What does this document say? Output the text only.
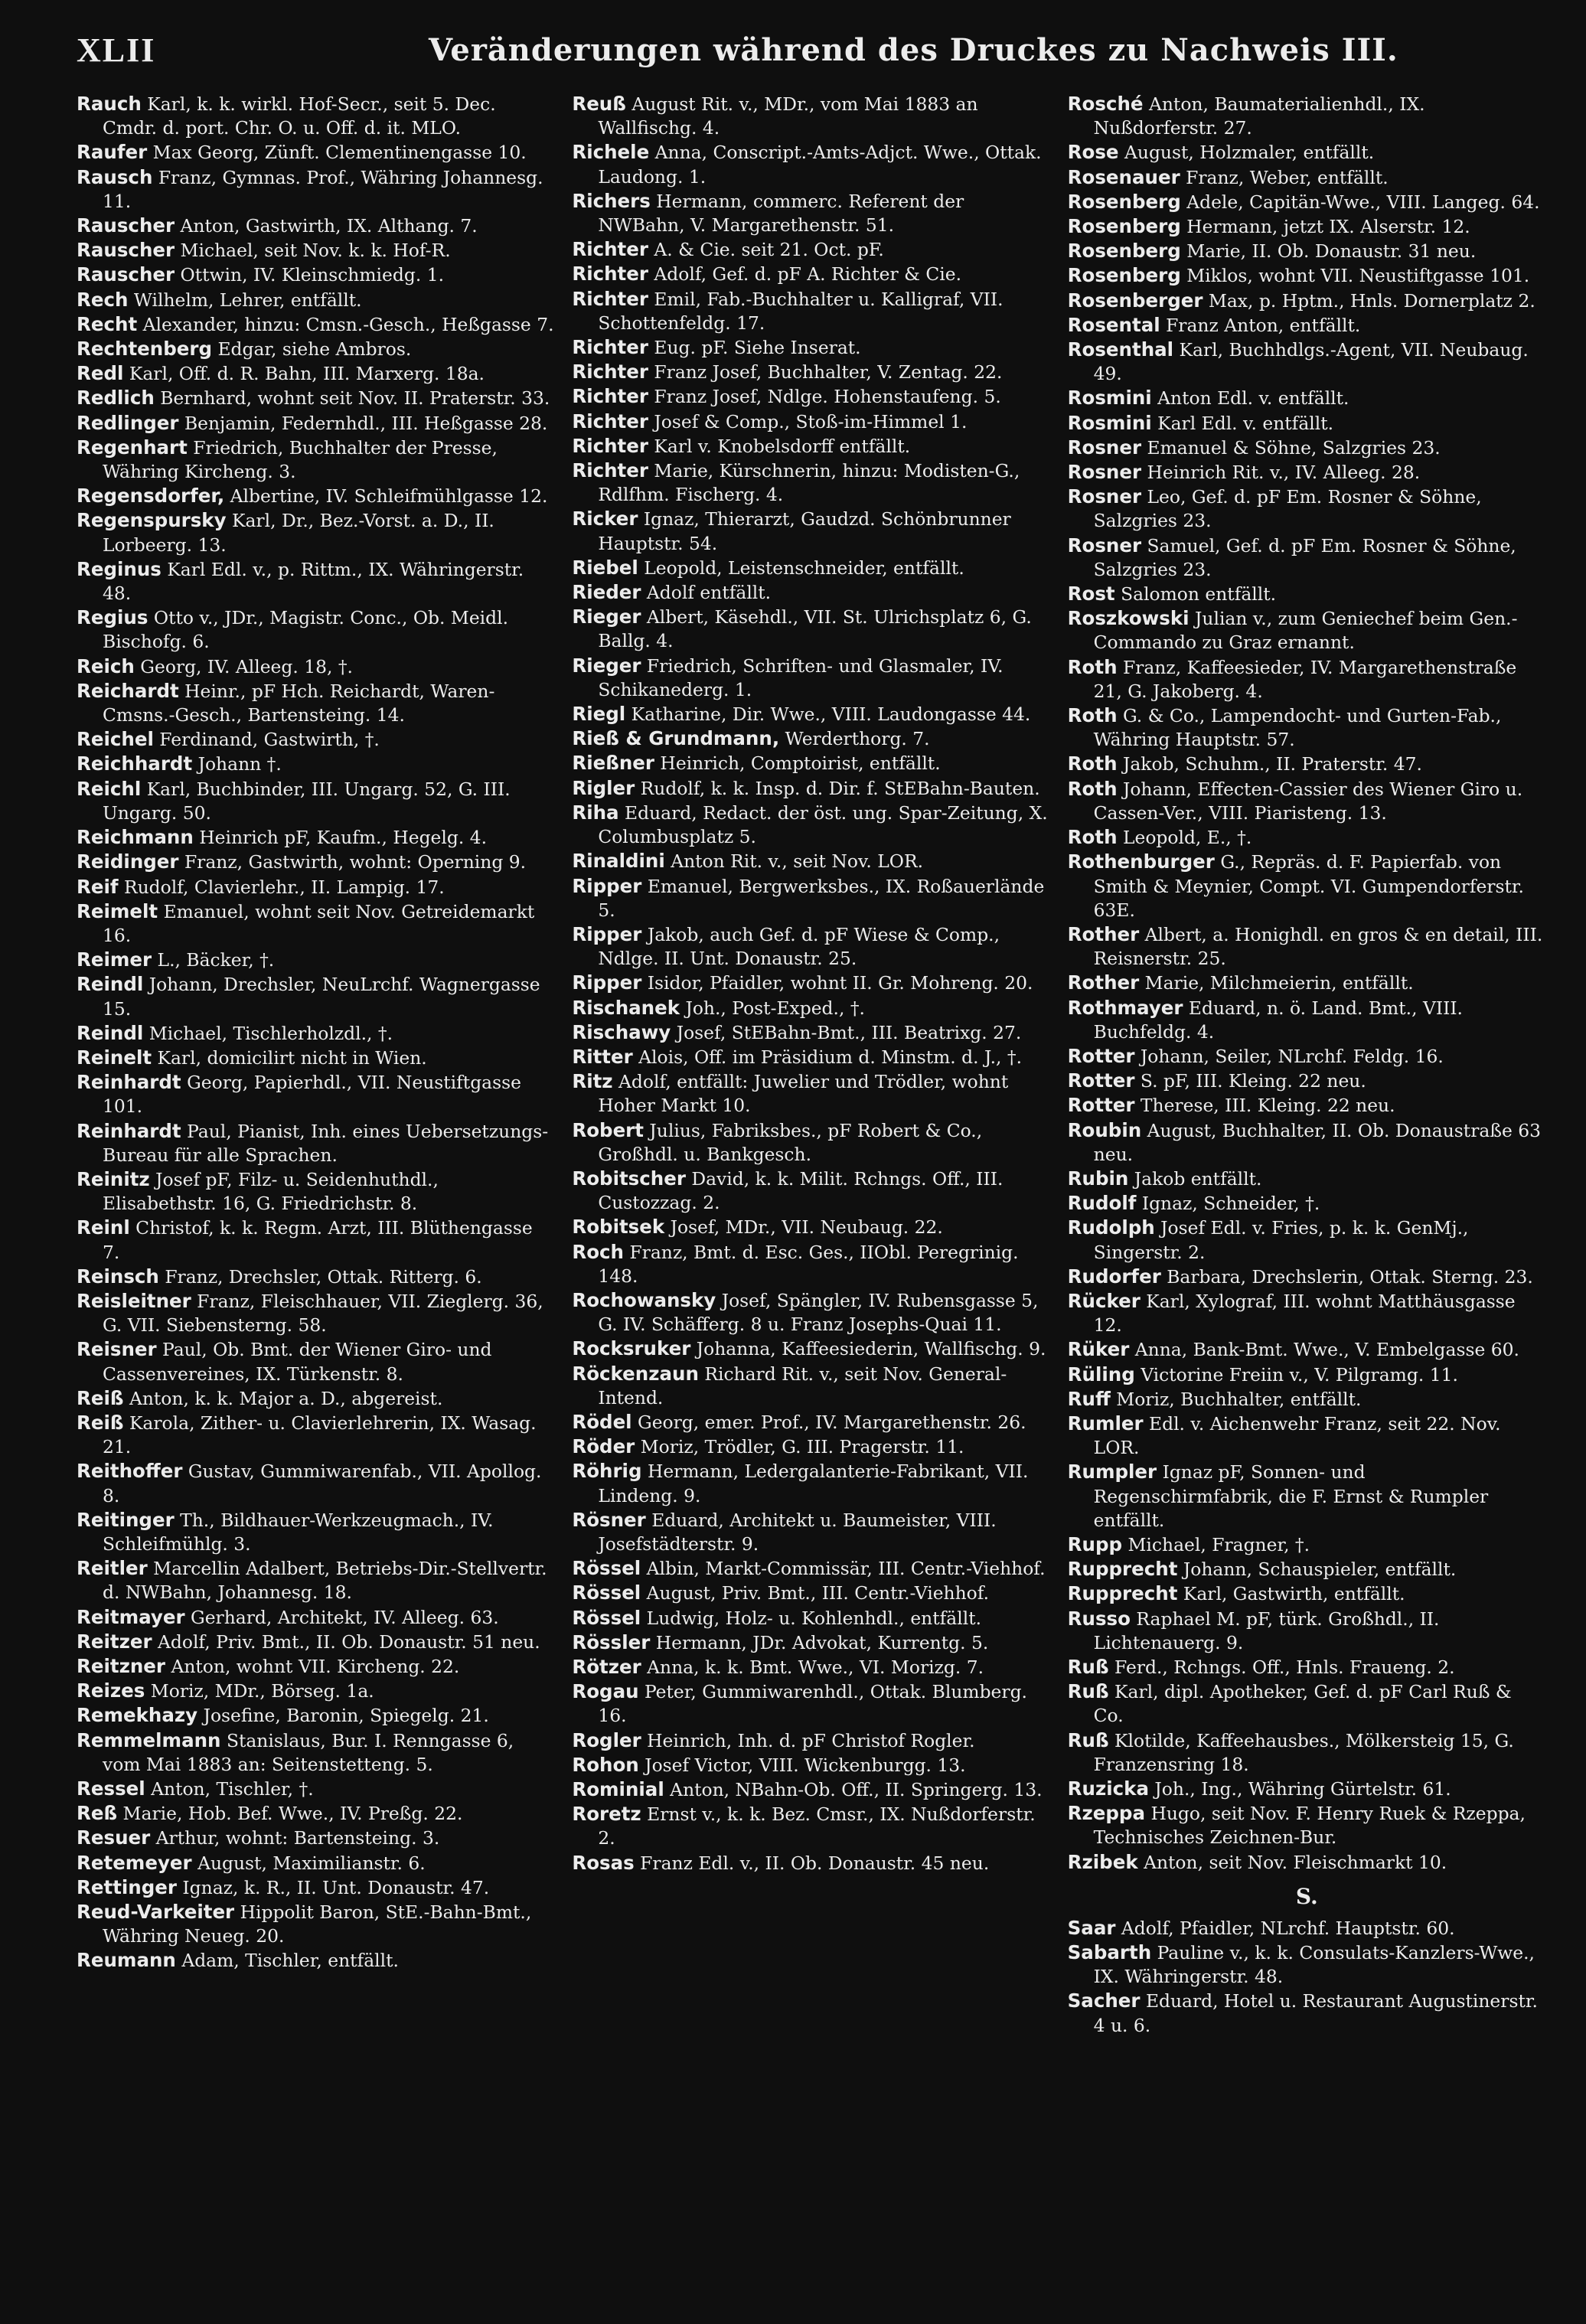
XLII	Veränderungen während des Druckes zu Nachweis III.

Rauch Karl, k. k. wirkl. Hof-Secr., seit 5. Dec. Cmdr. d. port. Chr. O. u. Off. d. it. MLO.

Raufer Max Georg, Zünft. Clementinengasse 10.

Rausch Franz, Gymnas. Prof., Währing Johannesg. 11.

Rauscher Anton, Gastwirth, IX. Althang. 7.

Rauscher Michael, seit Nov. k. k. Hof-R.

Rauscher Ottwin, IV. Kleinschmiedg. 1.

Rech Wilhelm, Lehrer, entfällt.

Recht Alexander, hinzu: Cmsn.-Gesch., Heßgasse 7.

Rechtenberg Edgar, siehe Ambros.

Redl Karl, Off. d. R. Bahn, III. Marxerg. 18a.

Redlich Bernhard, wohnt seit Nov. II. Praterstr. 33.

Redlinger Benjamin, Federnhdl., III. Heßgasse 28.

Regenhart Friedrich, Buchhalter der Presse, Währing Kircheng. 3.

Regensdorfer, Albertine, IV. Schleifmühlgasse 12.

Regenspursky Karl, Dr., Bez.-Vorst. a. D., II. Lorbeerg. 13.

Reginus Karl Edl. v., p. Rittm., IX. Währingerstr. 48.

Regius Otto v., JDr., Magistr. Conc., Ob. Meidl. Bischofg. 6.

Reich Georg, IV. Alleeg. 18, †.

Reichardt Heinr., pF Hch. Reichardt, Waren-Cmsns.-Gesch., Bartensteing. 14.

Reichel Ferdinand, Gastwirth, †.

Reichhardt Johann †.

Reichl Karl, Buchbinder, III. Ungarg. 52, G. III. Ungarg. 50.

Reichmann Heinrich pF, Kaufm., Hegelg. 4.

Reidinger Franz, Gastwirth, wohnt: Operning 9.

Reif Rudolf, Clavierlehr., II. Lampig. 17.

Reimelt Emanuel, wohnt seit Nov. Getreidemarkt 16.

Reimer L., Bäcker, †.

Reindl Johann, Drechsler, NeuLrchf. Wagnergasse 15.

Reindl Michael, Tischlerholzdl., †.

Reinelt Karl, domicilirt nicht in Wien.

Reinhardt Georg, Papierhdl., VII. Neustiftgasse 101.

Reinhardt Paul, Pianist, Inh. eines Uebersetzungs-Bureau für alle Sprachen.

Reinitz Josef pF, Filz- u. Seidenhuthdl., Elisabethstr. 16, G. Friedrichstr. 8.

Reinl Christof, k. k. Regm. Arzt, III. Blüthengasse 7.

Reinsch Franz, Drechsler, Ottak. Ritterg. 6.

Reisleitner Franz, Fleischhauer, VII. Zieglerg. 36, G. VII. Siebensterng. 58.

Reisner Paul, Ob. Bmt. der Wiener Giro- und Cassenvereines, IX. Türkenstr. 8.

Reiß Anton, k. k. Major a. D., abgereist.

Reiß Karola, Zither- u. Clavierlehrerin, IX. Wasag. 21.

Reithoffer Gustav, Gummiwarenfab., VII. Apollog. 8.

Reitinger Th., Bildhauer-Werkzeugmach., IV. Schleifmühlg. 3.

Reitler Marcellin Adalbert, Betriebs-Dir.-Stellvertr. d. NWBahn, Johannesg. 18.

Reitmayer Gerhard, Architekt, IV. Alleeg. 63.

Reitzer Adolf, Priv. Bmt., II. Ob. Donaustr. 51 neu.

Reitzner Anton, wohnt VII. Kircheng. 22.

Reizes Moriz, MDr., Börseg. 1a.

Remekhazy Josefine, Baronin, Spiegelg. 21.

Remmelmann Stanislaus, Bur. I. Renngasse 6, vom Mai 1883 an: Seitenstetteng. 5.

Ressel Anton, Tischler, †.

Reß Marie, Hob. Bef. Wwe., IV. Preßg. 22.

Resuer Arthur, wohnt: Bartensteing. 3.

Retemeyer August, Maximilianstr. 6.

Rettinger Ignaz, k. R., II. Unt. Donaustr. 47.

Reud-Varkeiter Hippolit Baron, StE.-Bahn-Bmt., Währing Neueg. 20.

Reumann Adam, Tischler, entfällt.

Reuß August Rit. v., MDr., vom Mai 1883 an Wallfischg. 4.

Richele Anna, Conscript.-Amts-Adjct. Wwe., Ottak. Laudong. 1.

Richers Hermann, commerc. Referent der NWBahn, V. Margarethenstr. 51.

Richter A. & Cie. seit 21. Oct. pF.

Richter Adolf, Gef. d. pF A. Richter & Cie.

Richter Emil, Fab.-Buchhalter u. Kalligraf, VII. Schottenfeldg. 17.

Richter Eug. pF. Siehe Inserat.

Richter Franz Josef, Buchhalter, V. Zentag. 22.

Richter Franz Josef, Ndlge. Hohenstaufeng. 5.

Richter Josef & Comp., Stoß-im-Himmel 1.

Richter Karl v. Knobelsdorff entfällt.

Richter Marie, Kürschnerin, hinzu: Modisten-G., Rdlfhm. Fischerg. 4.

Ricker Ignaz, Thierarzt, Gaudzd. Schönbrunner Hauptstr. 54.

Riebel Leopold, Leistenschneider, entfällt.

Rieder Adolf entfällt.

Rieger Albert, Käsehdl., VII. St. Ulrichsplatz 6, G. Ballg. 4.

Rieger Friedrich, Schriften- und Glasmaler, IV. Schikanederg. 1.

Riegl Katharine, Dir. Wwe., VIII. Laudongasse 44.

Rieß & Grundmann, Werderthorg. 7.

Rießner Heinrich, Comptoirist, entfällt.

Rigler Rudolf, k. k. Insp. d. Dir. f. StEBahn-Bauten.

Riha Eduard, Redact. der öst. ung. Spar-Zeitung, X. Columbusplatz 5.

Rinaldini Anton Rit. v., seit Nov. LOR.

Ripper Emanuel, Bergwerksbes., IX. Roßauerlände 5.

Ripper Jakob, auch Gef. d. pF Wiese & Comp., Ndlge. II. Unt. Donaustr. 25.

Ripper Isidor, Pfaidler, wohnt II. Gr. Mohreng. 20.

Rischanek Joh., Post-Exped., †.

Rischawy Josef, StEBahn-Bmt., III. Beatrixg. 27.

Ritter Alois, Off. im Präsidium d. Minstm. d. J., †.

Ritz Adolf, entfällt: Juwelier und Trödler, wohnt Hoher Markt 10.

Robert Julius, Fabriksbes., pF Robert & Co., Großhdl. u. Bankgesch.

Robitscher David, k. k. Milit. Rchngs. Off., III. Custozzag. 2.

Robitsek Josef, MDr., VII. Neubaug. 22.

Roch Franz, Bmt. d. Esc. Ges., IIObl. Peregrinig. 148.

Rochowansky Josef, Spängler, IV. Rubensgasse 5, G. IV. Schäfferg. 8 u. Franz Josephs-Quai 11.

Rocksruker Johanna, Kaffeesiederin, Wallfischg. 9.

Röckenzaun Richard Rit. v., seit Nov. General-Intend.

Rödel Georg, emer. Prof., IV. Margarethenstr. 26.

Röder Moriz, Trödler, G. III. Pragerstr. 11.

Röhrig Hermann, Ledergalanterie-Fabrikant, VII. Lindeng. 9.

Rösner Eduard, Architekt u. Baumeister, VIII. Josefstädterstr. 9.

Rössel Albin, Markt-Commissär, III. Centr.-Viehhof.

Rössel August, Priv. Bmt., III. Centr.-Viehhof.

Rössel Ludwig, Holz- u. Kohlenhdl., entfällt.

Rössler Hermann, JDr. Advokat, Kurrentg. 5.

Rötzer Anna, k. k. Bmt. Wwe., VI. Morizg. 7.

Rogau Peter, Gummiwarenhdl., Ottak. Blumberg. 16.

Rogler Heinrich, Inh. d. pF Christof Rogler.

Rohon Josef Victor, VIII. Wickenburgg. 13.

Rominial Anton, NBahn-Ob. Off., II. Springerg. 13.

Roretz Ernst v., k. k. Bez. Cmsr., IX. Nußdorferstr. 2.

Rosas Franz Edl. v., II. Ob. Donaustr. 45 neu.

Rosché Anton, Baumaterialienhdl., IX. Nußdorferstr. 27.

Rose August, Holzmaler, entfällt.

Rosenauer Franz, Weber, entfällt.

Rosenberg Adele, Capitän-Wwe., VIII. Langeg. 64.

Rosenberg Hermann, jetzt IX. Alserstr. 12.

Rosenberg Marie, II. Ob. Donaustr. 31 neu.

Rosenberg Miklos, wohnt VII. Neustiftgasse 101.

Rosenberger Max, p. Hptm., Hnls. Dornerplatz 2.

Rosental Franz Anton, entfällt.

Rosenthal Karl, Buchhdlgs.-Agent, VII. Neubaug. 49.

Rosmini Anton Edl. v. entfällt.

Rosmini Karl Edl. v. entfällt.

Rosner Emanuel & Söhne, Salzgries 23.

Rosner Heinrich Rit. v., IV. Alleeg. 28.

Rosner Leo, Gef. d. pF Em. Rosner & Söhne, Salzgries 23.

Rosner Samuel, Gef. d. pF Em. Rosner & Söhne, Salzgries 23.

Rost Salomon entfällt.

Roszkowski Julian v., zum Geniechef beim Gen.-Commando zu Graz ernannt.

Roth Franz, Kaffeesieder, IV. Margarethenstraße 21, G. Jakoberg. 4.

Roth G. & Co., Lampendocht- und Gurten-Fab., Währing Hauptstr. 57.

Roth Jakob, Schuhm., II. Praterstr. 47.

Roth Johann, Effecten-Cassier des Wiener Giro u. Cassen-Ver., VIII. Piaristeng. 13.

Roth Leopold, E., †.

Rothenburger G., Repräs. d. F. Papierfab. von Smith & Meynier, Compt. VI. Gumpendorferstr. 63E.

Rother Albert, a. Honighdl. en gros & en detail, III. Reisnerstr. 25.

Rother Marie, Milchmeierin, entfällt.

Rothmayer Eduard, n. ö. Land. Bmt., VIII. Buchfeldg. 4.

Rotter Johann, Seiler, NLrchf. Feldg. 16.

Rotter S. pF, III. Kleing. 22 neu.

Rotter Therese, III. Kleing. 22 neu.

Roubin August, Buchhalter, II. Ob. Donaustraße 63 neu.

Rubin Jakob entfällt.

Rudolf Ignaz, Schneider, †.

Rudolph Josef Edl. v. Fries, p. k. k. GenMj., Singerstr. 2.

Rudorfer Barbara, Drechslerin, Ottak. Sterng. 23.

Rücker Karl, Xylograf, III. wohnt Matthäusgasse 12.

Rüker Anna, Bank-Bmt. Wwe., V. Embelgasse 60.

Rüling Victorine Freiin v., V. Pilgramg. 11.

Ruff Moriz, Buchhalter, entfällt.

Rumler Edl. v. Aichenwehr Franz, seit 22. Nov. LOR.

Rumpler Ignaz pF, Sonnen- und Regenschirmfabrik, die F. Ernst & Rumpler entfällt.

Rupp Michael, Fragner, †.

Rupprecht Johann, Schauspieler, entfällt.

Rupprecht Karl, Gastwirth, entfällt.

Russo Raphael M. pF, türk. Großhdl., II. Lichtenauerg. 9.

Ruß Ferd., Rchngs. Off., Hnls. Fraueng. 2.

Ruß Karl, dipl. Apotheker, Gef. d. pF Carl Ruß & Co.

Ruß Klotilde, Kaffeehausbes., Mölkersteig 15, G. Franzensring 18.

Ruzicka Joh., Ing., Währing Gürtelstr. 61.

Rzeppa Hugo, seit Nov. F. Henry Ruek & Rzeppa, Technisches Zeichnen-Bur.

Rzibek Anton, seit Nov. Fleischmarkt 10.

S.

Saar Adolf, Pfaidler, NLrchf. Hauptstr. 60.

Sabarth Pauline v., k. k. Consulats-Kanzlers-Wwe., IX. Währingerstr. 48.

Sacher Eduard, Hotel u. Restaurant Augustinerstr. 4 u. 6.
